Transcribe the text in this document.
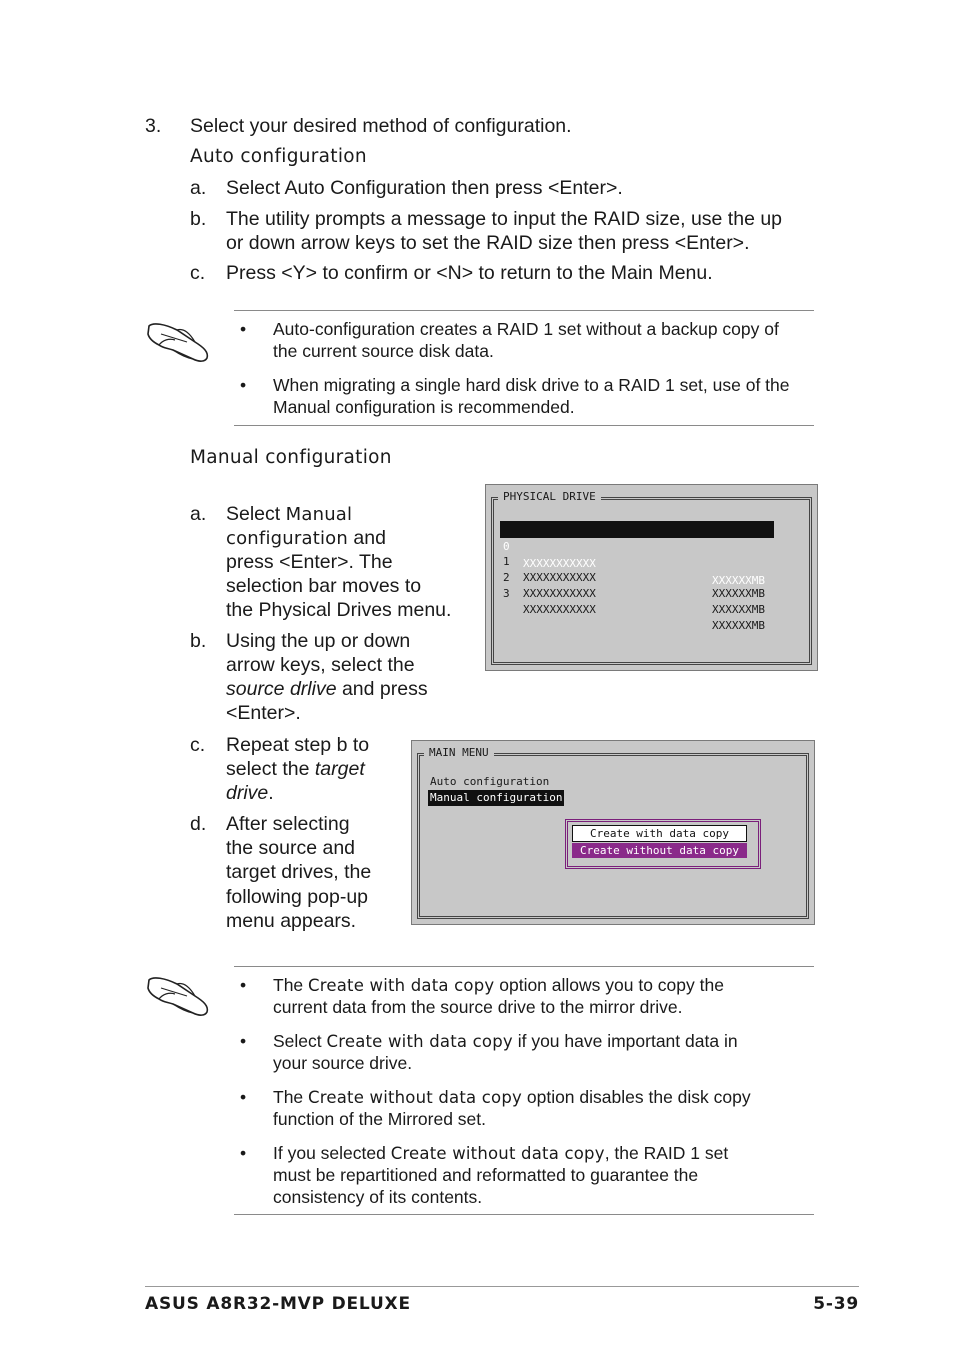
3. Select your desired method of configuration.
Auto configuration
a. Select Auto Configuration then press <Enter>.
b. The utility prompts a message to input the RAID size, use the up
or down arrow keys to set the RAID size then press <Enter>.
c. Press <Y> to confirm or <N> to return to the Main Menu.
• Auto-configuration creates a RAID 1 set without a backup copy of
the current source disk data.
• When migrating a single hard disk drive to a RAID 1 set, use of the
Manual configuration is recommended.
Manual configuration
a. Select Manual
configuration and
press <Enter>. The
selection bar moves to
the Physical Drives menu.
b. Using the up or down
arrow keys, select the
source drlive and press
<Enter>.
c. Repeat step b to
select the target
drive.
d. After selecting
the source and
target drives, the
following pop-up
menu appears.
PHYSICAL DRIVE

0

XXXXXXXXXXX

XXXXXXMB

1

XXXXXXXXXXX

XXXXXXMB

2

XXXXXXXXXXX

XXXXXXMB

3

XXXXXXXXXXX

XXXXXXMB

MAIN MENU
Auto configuration
Manual configuration
Create with data copy
Create without data copy
• The Create with data copy option allows you to copy the
current data from the source drive to the mirror drive.
• Select Create with data copy if you have important data in
your source drive.
• The Create without data copy option disables the disk copy
function of the Mirrored set.
• If you selected Create without data copy, the RAID 1 set
must be repartitioned and reformatted to guarantee the
consistency of its contents.
ASUS A8R32-MVP DELUXE	5-39
